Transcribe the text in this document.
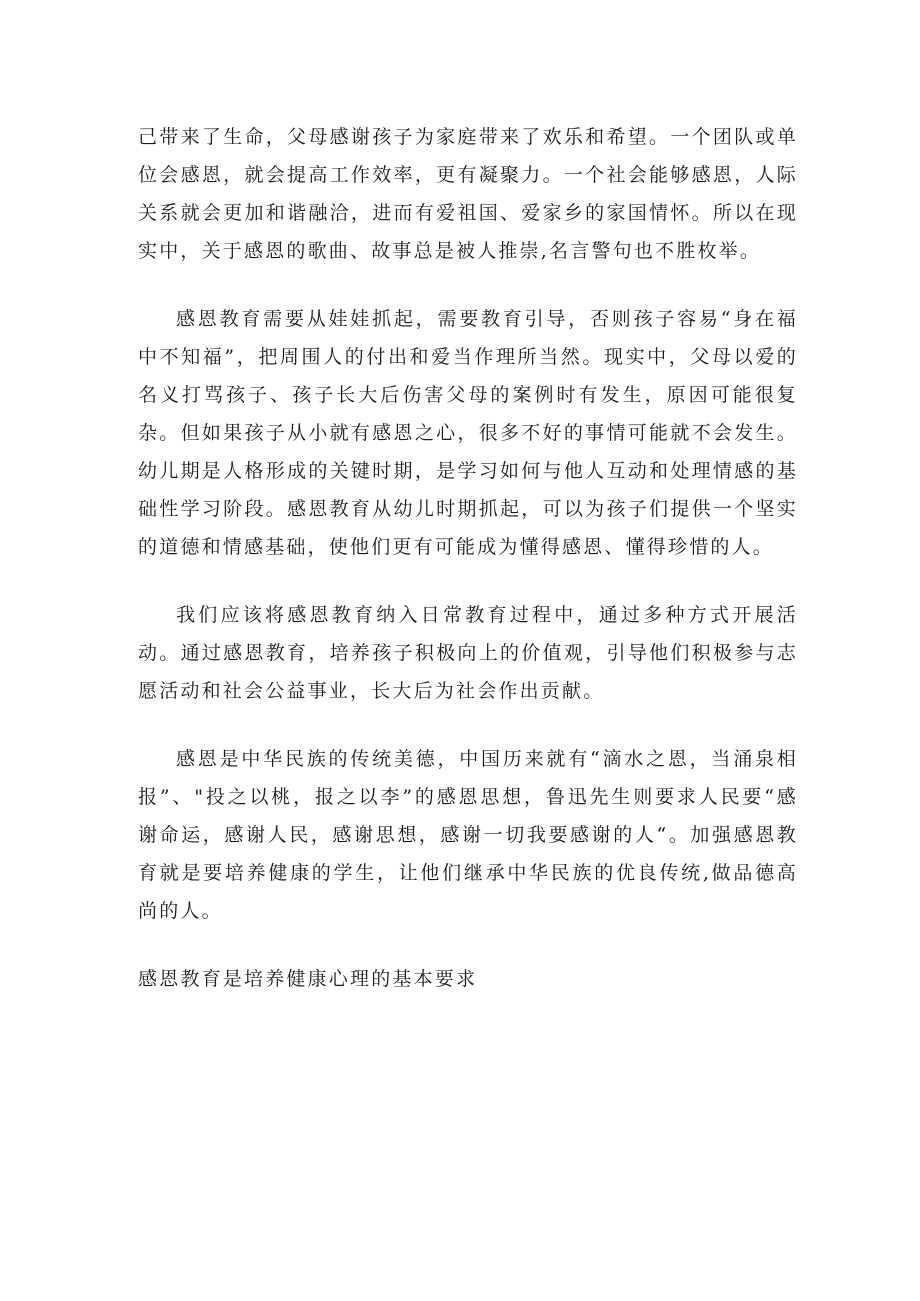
己带来了生命，父母感谢孩子为家庭带来了欢乐和希望。一个团队或单位会感恩，就会提高工作效率，更有凝聚力。一个社会能够感恩，人际关系就会更加和谐融洽，进而有爱祖国、爱家乡的家国情怀。所以在现实中，关于感恩的歌曲、故事总是被人推崇,名言警句也不胜枚举。

感恩教育需要从娃娃抓起，需要教育引导，否则孩子容易“身在福中不知福”，把周围人的付出和爱当作理所当然。现实中，父母以爱的名义打骂孩子、孩子长大后伤害父母的案例时有发生，原因可能很复杂。但如果孩子从小就有感恩之心，很多不好的事情可能就不会发生。幼儿期是人格形成的关键时期，是学习如何与他人互动和处理情感的基础性学习阶段。感恩教育从幼儿时期抓起，可以为孩子们提供一个坚实的道德和情感基础，使他们更有可能成为懂得感恩、懂得珍惜的人。

我们应该将感恩教育纳入日常教育过程中，通过多种方式开展活动。通过感恩教育，培养孩子积极向上的价值观，引导他们积极参与志愿活动和社会公益事业，长大后为社会作出贡献。

感恩是中华民族的传统美德，中国历来就有“滴水之恩，当涌泉相报”、"投之以桃，报之以李”的感恩思想，鲁迅先生则要求人民要“感谢命运，感谢人民，感谢思想，感谢一切我要感谢的人“。加强感恩教育就是要培养健康的学生，让他们继承中华民族的优良传统,做品德高尚的人。

感恩教育是培养健康心理的基本要求
